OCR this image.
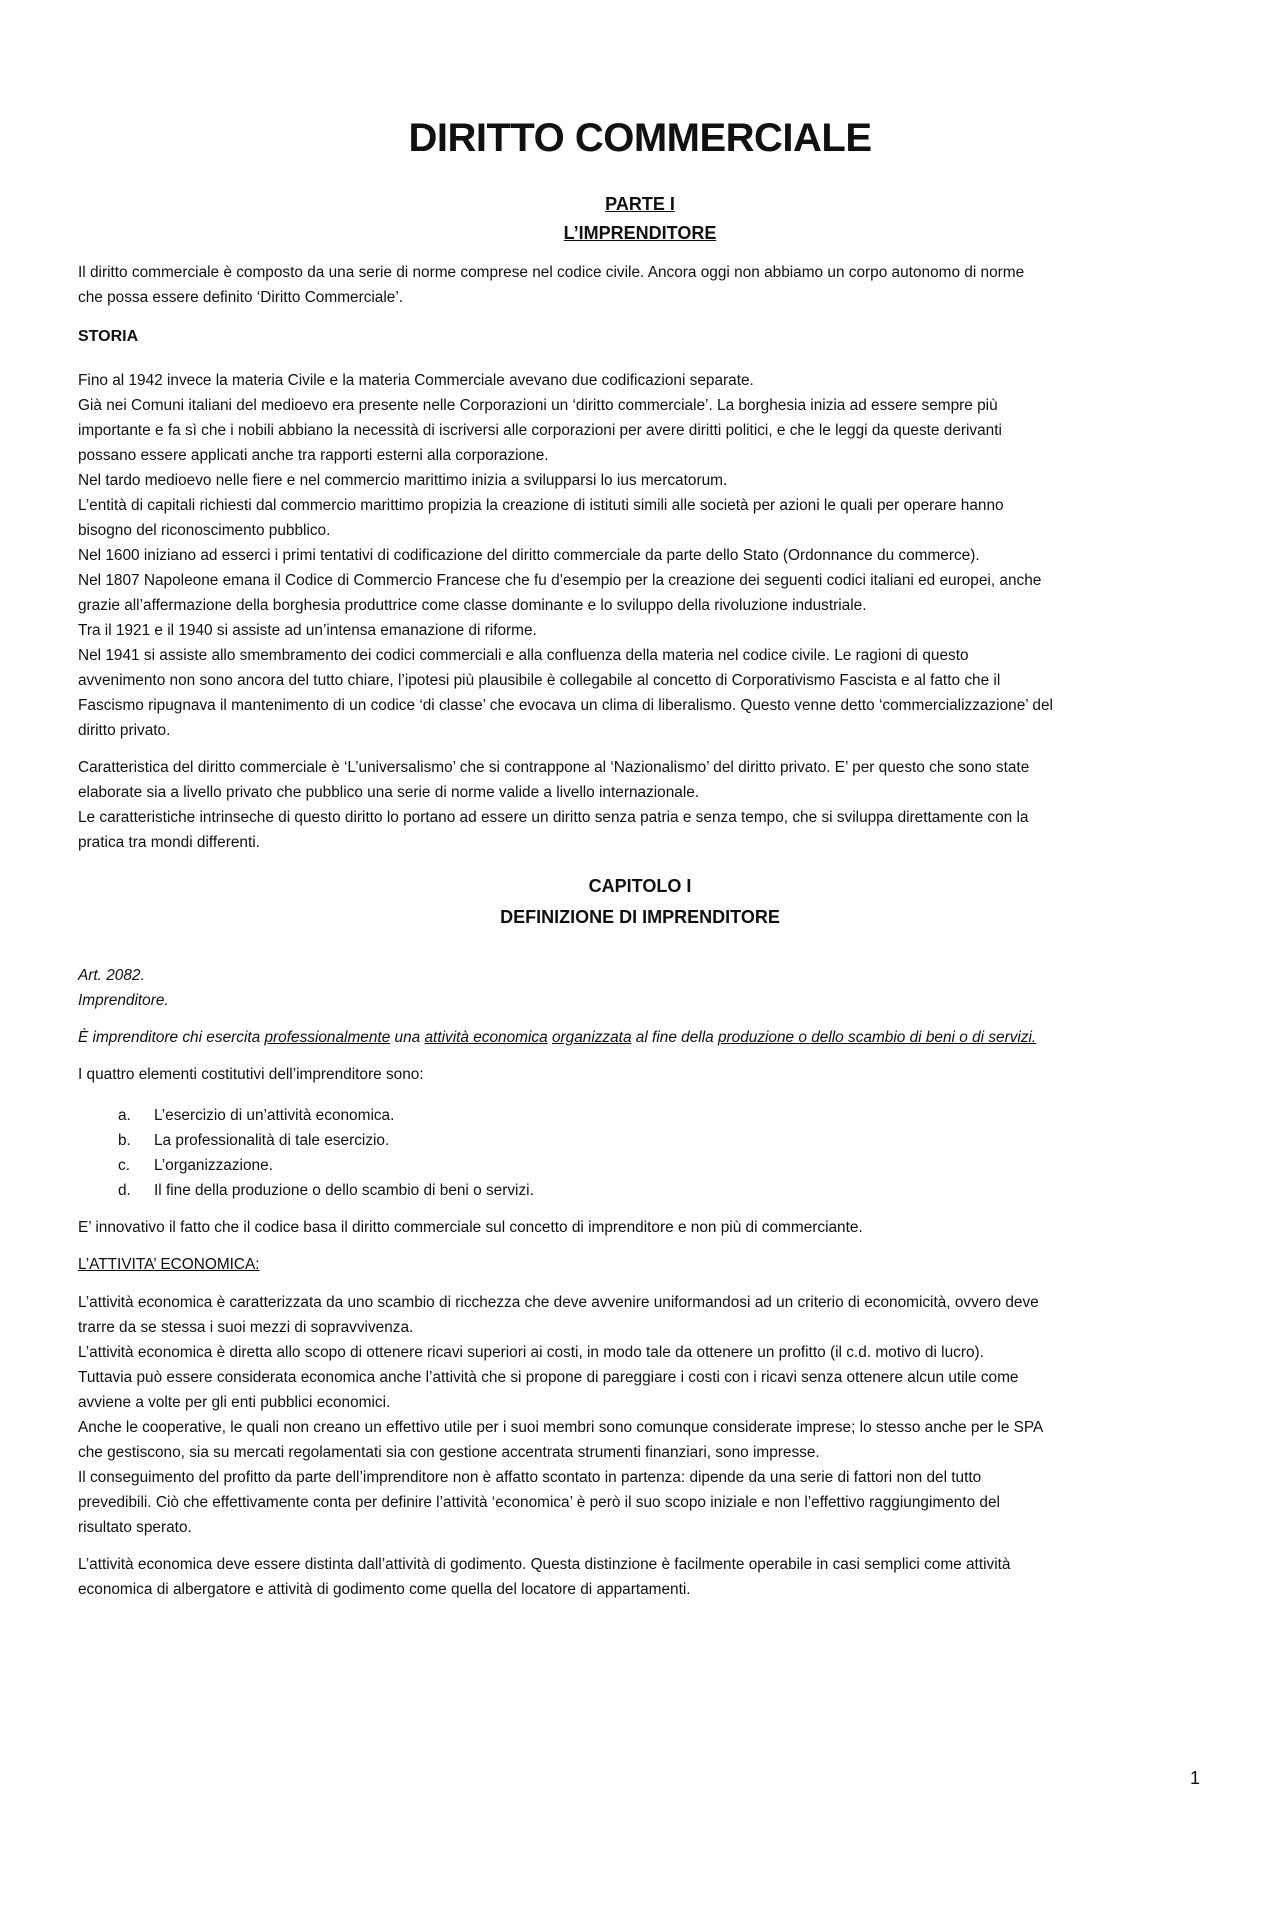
DIRITTO COMMERCIALE
PARTE I
L’IMPRENDITORE

Il diritto commerciale è composto da una serie di norme comprese nel codice civile. Ancora oggi non abbiamo un corpo autonomo di norme
che possa essere definito ‘Diritto Commerciale’.

STORIA

Fino al 1942 invece la materia Civile e la materia Commerciale avevano due codificazioni separate.
Già nei Comuni italiani del medioevo era presente nelle Corporazioni un ‘diritto commerciale’. La borghesia inizia ad essere sempre più
importante e fa sì che i nobili abbiano la necessità di iscriversi alle corporazioni per avere diritti politici, e che le leggi da queste derivanti
possano essere applicati anche tra rapporti esterni alla corporazione.
Nel tardo medioevo nelle fiere e nel commercio marittimo inizia a svilupparsi lo ius mercatorum.
L’entità di capitali richiesti dal commercio marittimo propizia la creazione di istituti simili alle società per azioni le quali per operare hanno
bisogno del riconoscimento pubblico.
Nel 1600 iniziano ad esserci i primi tentativi di codificazione del diritto commerciale da parte dello Stato (Ordonnance du commerce).
Nel 1807 Napoleone emana il Codice di Commercio Francese che fu d’esempio per la creazione dei seguenti codici italiani ed europei, anche
grazie all’affermazione della borghesia produttrice come classe dominante e lo sviluppo della rivoluzione industriale.
Tra il 1921 e il 1940 si assiste ad un’intensa emanazione di riforme.
Nel 1941 si assiste allo smembramento dei codici commerciali e alla confluenza della materia nel codice civile. Le ragioni di questo
avvenimento non sono ancora del tutto chiare, l’ipotesi più plausibile è collegabile al concetto di Corporativismo Fascista e al fatto che il
Fascismo ripugnava il mantenimento di un codice ‘di classe’ che evocava un clima di liberalismo. Questo venne detto ‘commercializzazione’ del
diritto privato.

Caratteristica del diritto commerciale è ‘L’universalismo’ che si contrappone al ‘Nazionalismo’ del diritto privato. E’ per questo che sono state
elaborate sia a livello privato che pubblico una serie di norme valide a livello internazionale.
Le caratteristiche intrinseche di questo diritto lo portano ad essere un diritto senza patria e senza tempo, che si sviluppa direttamente con la
pratica tra mondi differenti.

CAPITOLO I
DEFINIZIONE DI IMPRENDITORE

Art. 2082.
Imprenditore.

È imprenditore chi esercita professionalmente una attività economica organizzata al fine della produzione o dello scambio di beni o di servizi.

I quattro elementi costitutivi dell’imprenditore sono:

a.	L’esercizio di un’attività economica.
b.	La professionalità di tale esercizio.
c.	L’organizzazione.
d.	Il fine della produzione o dello scambio di beni o servizi.

E’ innovativo il fatto che il codice basa il diritto commerciale sul concetto di imprenditore e non più di commerciante.

L’ATTIVITA’ ECONOMICA:

L’attività economica è caratterizzata da uno scambio di ricchezza che deve avvenire uniformandosi ad un criterio di economicità, ovvero deve
trarre da se stessa i suoi mezzi di sopravvivenza.
L’attività economica è diretta allo scopo di ottenere ricavi superiori ai costi, in modo tale da ottenere un profitto (il c.d. motivo di lucro).
Tuttavia può essere considerata economica anche l’attività che si propone di pareggiare i costi con i ricavi senza ottenere alcun utile come
avviene a volte per gli enti pubblici economici.
Anche le cooperative, le quali non creano un effettivo utile per i suoi membri sono comunque considerate imprese; lo stesso anche per le SPA
che gestiscono, sia su mercati regolamentati sia con gestione accentrata strumenti finanziari, sono impresse.
Il conseguimento del profitto da parte dell’imprenditore non è affatto scontato in partenza: dipende da una serie di fattori non del tutto
prevedibili. Ciò che effettivamente conta per definire l’attività ‘economica’ è però il suo scopo iniziale e non l’effettivo raggiungimento del
risultato sperato.

L’attività economica deve essere distinta dall’attività di godimento. Questa distinzione è facilmente operabile in casi semplici come attività
economica di albergatore e attività di godimento come quella del locatore di appartamenti.

1
